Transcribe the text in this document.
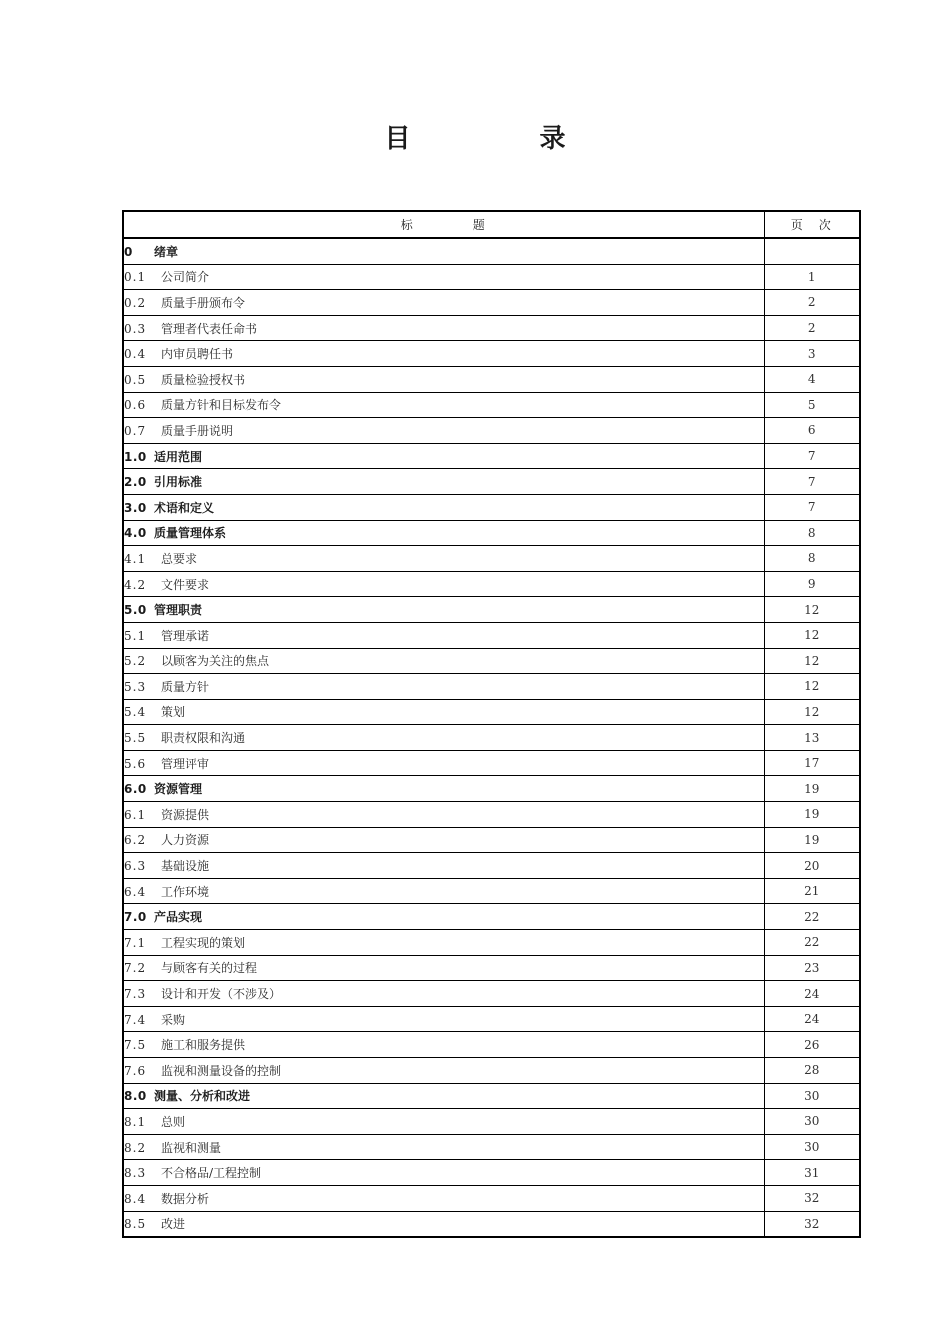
目 录
标 题	页 次
0 绪章	
0.1 公司简介	1
0.2 质量手册颁布令	2
0.3 管理者代表任命书	2
0.4 内审员聘任书	3
0.5 质量检验授权书	4
0.6 质量方针和目标发布令	5
0.7 质量手册说明	6
1.0 适用范围	7
2.0 引用标准	7
3.0 术语和定义	7
4.0 质量管理体系	8
4.1 总要求	8
4.2 文件要求	9
5.0 管理职责	12
5.1 管理承诺	12
5.2 以顾客为关注的焦点	12
5.3 质量方针	12
5.4 策划	12
5.5 职责权限和沟通	13
5.6 管理评审	17
6.0 资源管理	19
6.1 资源提供	19
6.2 人力资源	19
6.3 基础设施	20
6.4 工作环境	21
7.0 产品实现	22
7.1 工程实现的策划	22
7.2 与顾客有关的过程	23
7.3 设计和开发（不涉及）	24
7.4 采购	24
7.5 施工和服务提供	26
7.6 监视和测量设备的控制	28
8.0 测量、分析和改进	30
8.1 总则	30
8.2 监视和测量	30
8.3 不合格品/工程控制	31
8.4 数据分析	32
8.5 改进	32
